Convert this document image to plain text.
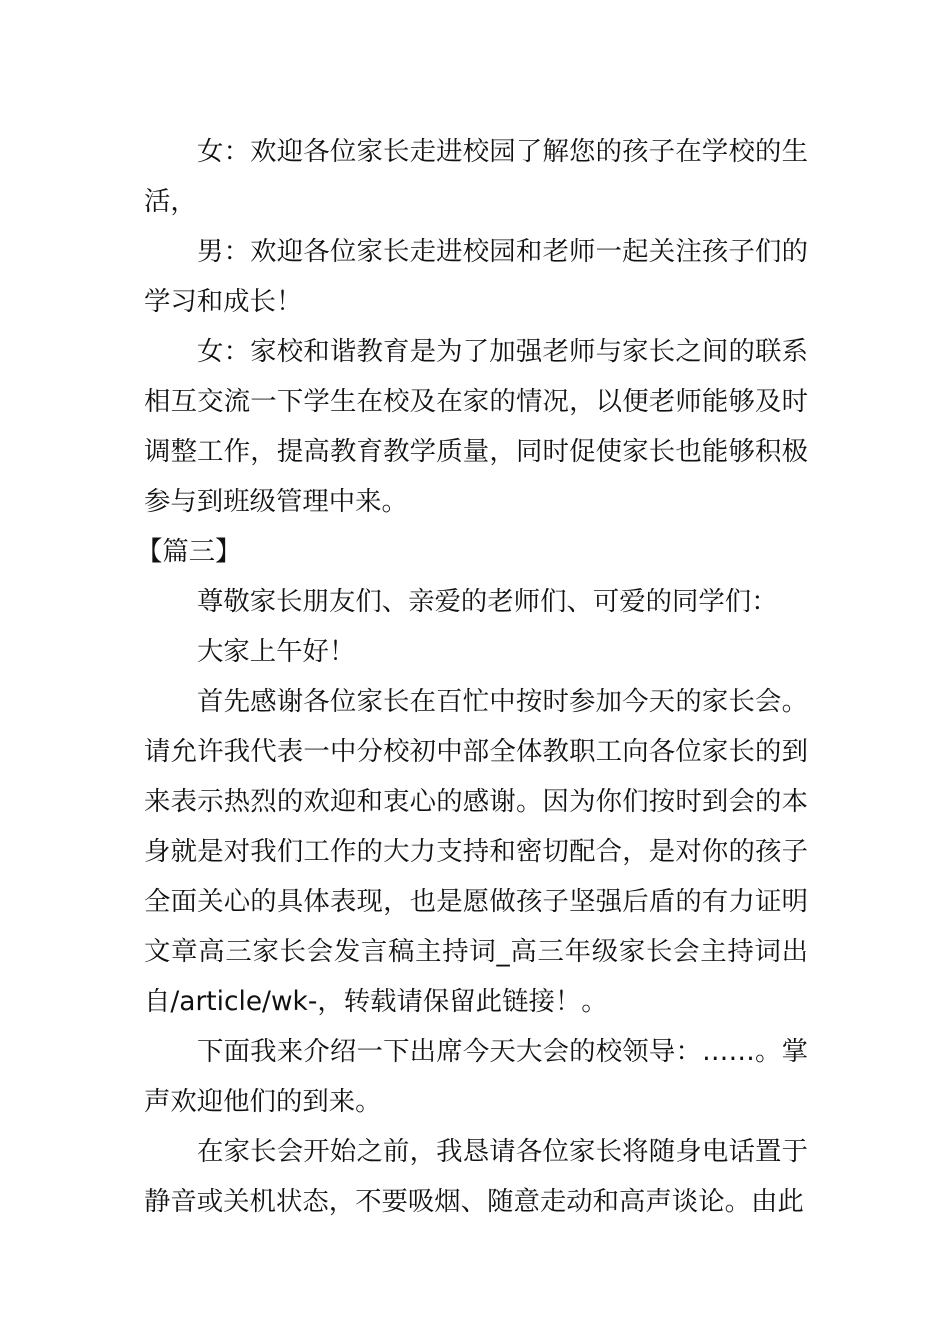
女：欢迎各位家长走进校园了解您的孩子在学校的生活，

男：欢迎各位家长走进校园和老师一起关注孩子们的学习和成长！

女：家校和谐教育是为了加强老师与家长之间的联系相互交流一下学生在校及在家的情况，以便老师能够及时调整工作，提高教育教学质量，同时促使家长也能够积极参与到班级管理中来。

【篇三】

尊敬家长朋友们、亲爱的老师们、可爱的同学们：

大家上午好！

首先感谢各位家长在百忙中按时参加今天的家长会。请允许我代表一中分校初中部全体教职工向各位家长的到来表示热烈的欢迎和衷心的感谢。因为你们按时到会的本身就是对我们工作的大力支持和密切配合，是对你的孩子全面关心的具体表现，也是愿做孩子坚强后盾的有力证明文章高三家长会发言稿主持词_高三年级家长会主持词出自/article/wk-，转载请保留此链接！。

下面我来介绍一下出席今天大会的校领导：……。掌声欢迎他们的到来。

在家长会开始之前，我恳请各位家长将随身电话置于静音或关机状态，不要吸烟、随意走动和高声谈论。由此
